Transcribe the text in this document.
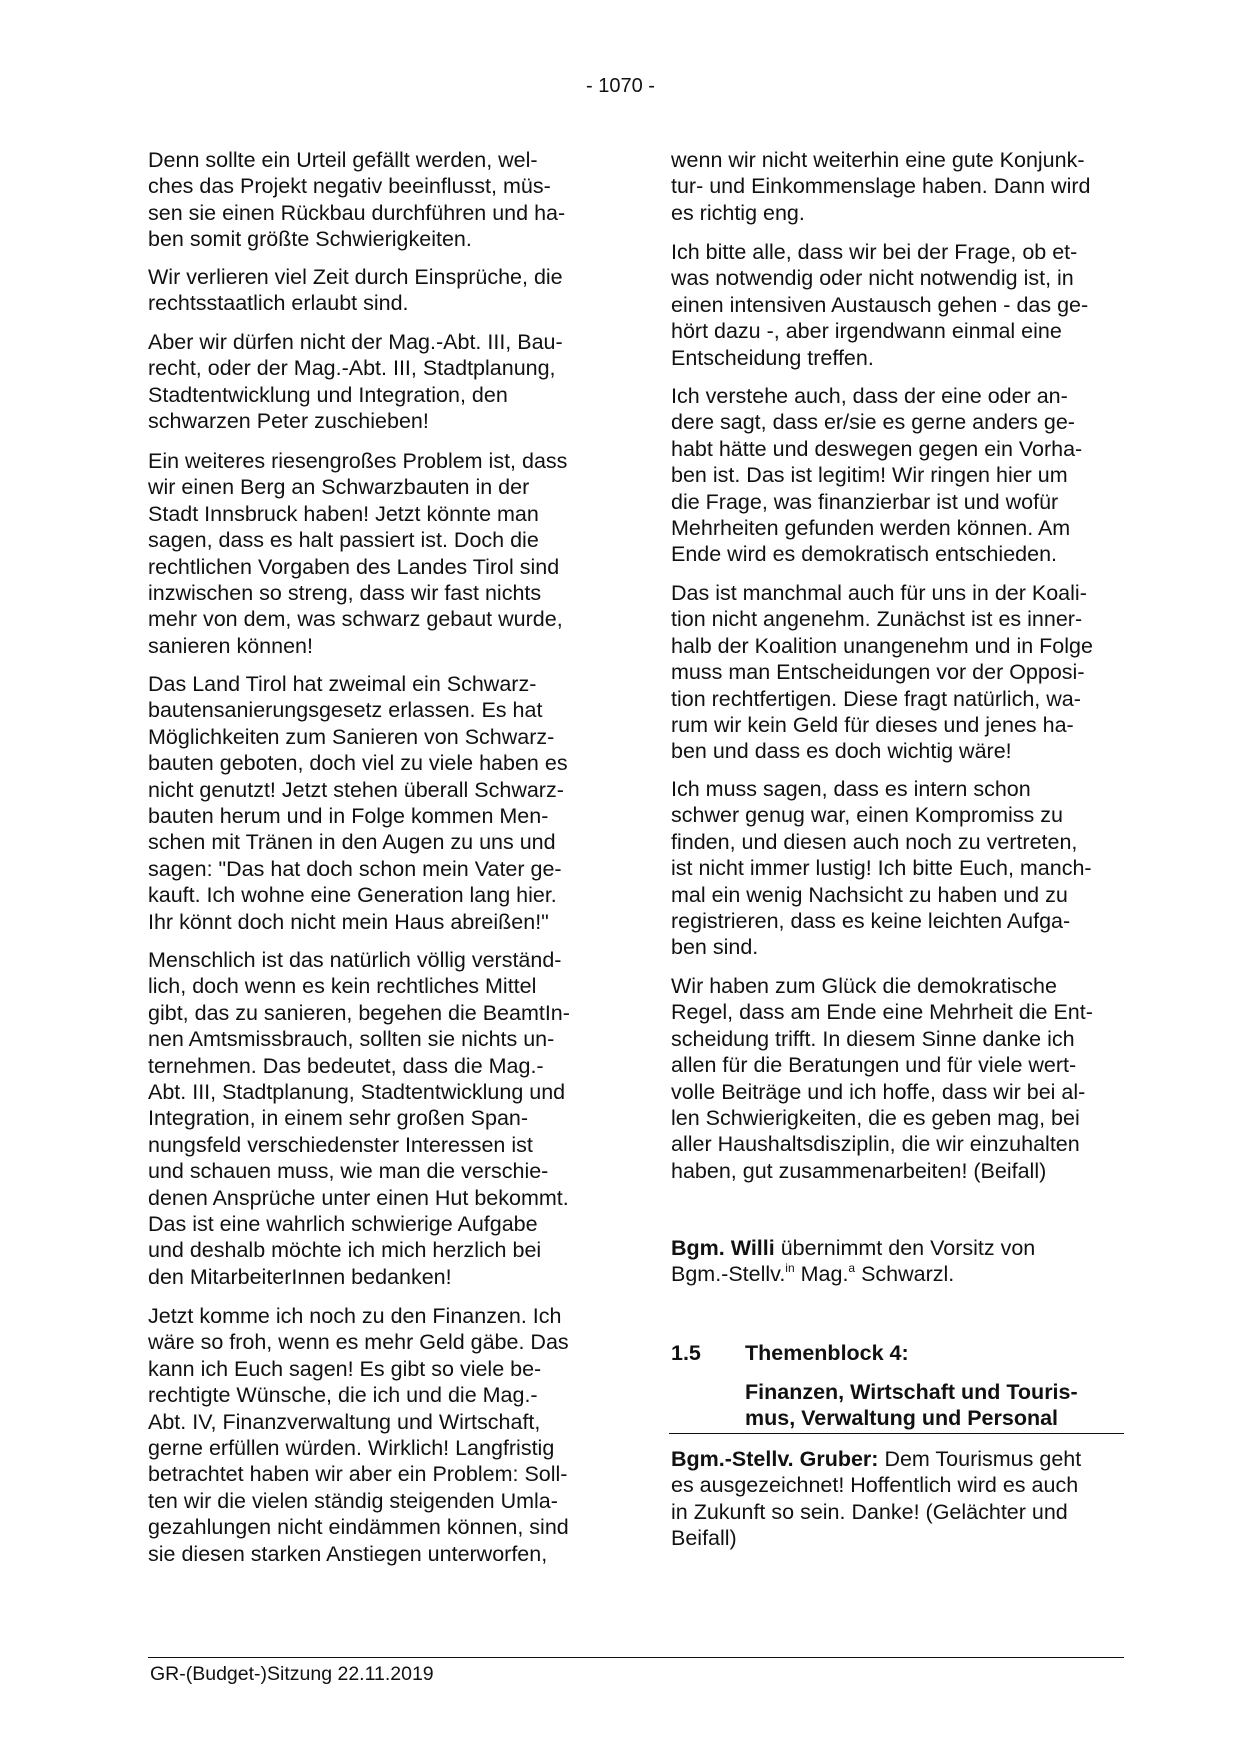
- 1070 -
Denn sollte ein Urteil gefällt werden, wel-
ches das Projekt negativ beeinflusst, müs-
sen sie einen Rückbau durchführen und ha-
ben somit größte Schwierigkeiten.
Wir verlieren viel Zeit durch Einsprüche, die
rechtsstaatlich erlaubt sind.
Aber wir dürfen nicht der Mag.-Abt. III, Bau-
recht, oder der Mag.-Abt. III, Stadtplanung,
Stadtentwicklung und Integration, den
schwarzen Peter zuschieben!
Ein weiteres riesengroßes Problem ist, dass
wir einen Berg an Schwarzbauten in der
Stadt Innsbruck haben! Jetzt könnte man
sagen, dass es halt passiert ist. Doch die
rechtlichen Vorgaben des Landes Tirol sind
inzwischen so streng, dass wir fast nichts
mehr von dem, was schwarz gebaut wurde,
sanieren können!
Das Land Tirol hat zweimal ein Schwarz-
bautensanierungsgesetz erlassen. Es hat
Möglichkeiten zum Sanieren von Schwarz-
bauten geboten, doch viel zu viele haben es
nicht genutzt! Jetzt stehen überall Schwarz-
bauten herum und in Folge kommen Men-
schen mit Tränen in den Augen zu uns und
sagen: "Das hat doch schon mein Vater ge-
kauft. Ich wohne eine Generation lang hier.
Ihr könnt doch nicht mein Haus abreißen!"
Menschlich ist das natürlich völlig verständ-
lich, doch wenn es kein rechtliches Mittel
gibt, das zu sanieren, begehen die BeamtIn-
nen Amtsmissbrauch, sollten sie nichts un-
ternehmen. Das bedeutet, dass die Mag.-
Abt. III, Stadtplanung, Stadtentwicklung und
Integration, in einem sehr großen Span-
nungsfeld verschiedenster Interessen ist
und schauen muss, wie man die verschie-
denen Ansprüche unter einen Hut bekommt.
Das ist eine wahrlich schwierige Aufgabe
und deshalb möchte ich mich herzlich bei
den MitarbeiterInnen bedanken!
Jetzt komme ich noch zu den Finanzen. Ich
wäre so froh, wenn es mehr Geld gäbe. Das
kann ich Euch sagen! Es gibt so viele be-
rechtigte Wünsche, die ich und die Mag.-
Abt. IV, Finanzverwaltung und Wirtschaft,
gerne erfüllen würden. Wirklich! Langfristig
betrachtet haben wir aber ein Problem: Soll-
ten wir die vielen ständig steigenden Umla-
gezahlungen nicht eindämmen können, sind
sie diesen starken Anstiegen unterworfen,
wenn wir nicht weiterhin eine gute Konjunk-
tur- und Einkommenslage haben. Dann wird
es richtig eng.
Ich bitte alle, dass wir bei der Frage, ob et-
was notwendig oder nicht notwendig ist, in
einen intensiven Austausch gehen - das ge-
hört dazu -, aber irgendwann einmal eine
Entscheidung treffen.
Ich verstehe auch, dass der eine oder an-
dere sagt, dass er/sie es gerne anders ge-
habt hätte und deswegen gegen ein Vorha-
ben ist. Das ist legitim! Wir ringen hier um
die Frage, was finanzierbar ist und wofür
Mehrheiten gefunden werden können. Am
Ende wird es demokratisch entschieden.
Das ist manchmal auch für uns in der Koali-
tion nicht angenehm. Zunächst ist es inner-
halb der Koalition unangenehm und in Folge
muss man Entscheidungen vor der Opposi-
tion rechtfertigen. Diese fragt natürlich, wa-
rum wir kein Geld für dieses und jenes ha-
ben und dass es doch wichtig wäre!
Ich muss sagen, dass es intern schon
schwer genug war, einen Kompromiss zu
finden, und diesen auch noch zu vertreten,
ist nicht immer lustig! Ich bitte Euch, manch-
mal ein wenig Nachsicht zu haben und zu
registrieren, dass es keine leichten Aufga-
ben sind.
Wir haben zum Glück die demokratische
Regel, dass am Ende eine Mehrheit die Ent-
scheidung trifft. In diesem Sinne danke ich
allen für die Beratungen und für viele wert-
volle Beiträge und ich hoffe, dass wir bei al-
len Schwierigkeiten, die es geben mag, bei
aller Haushaltsdisziplin, die wir einzuhalten
haben, gut zusammenarbeiten! (Beifall)
Bgm. Willi übernimmt den Vorsitz von
Bgm.-Stellv.$^{in}$ Mag.$^a$ Schwarzl.
1.5 Themenblock 4:
Finanzen, Wirtschaft und Touris-
mus, Verwaltung und Personal
Bgm.-Stellv. Gruber: Dem Tourismus geht
es ausgezeichnet! Hoffentlich wird es auch
in Zukunft so sein. Danke! (Gelächter und
Beifall)
GR-(Budget-)Sitzung 22.11.2019
